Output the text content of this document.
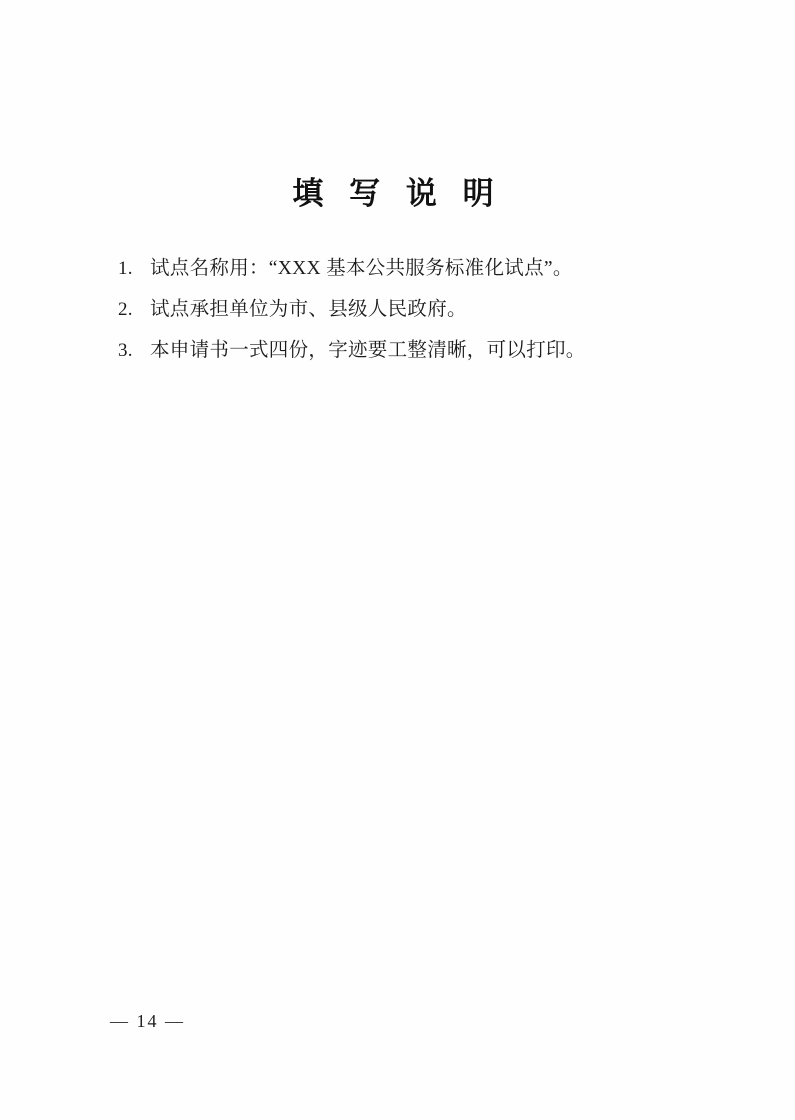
填 写 说 明
1. 试点名称用：“XXX 基本公共服务标准化试点”。
2. 试点承担单位为市、县级人民政府。
3. 本申请书一式四份，字迹要工整清晰，可以打印。
— 14 —
